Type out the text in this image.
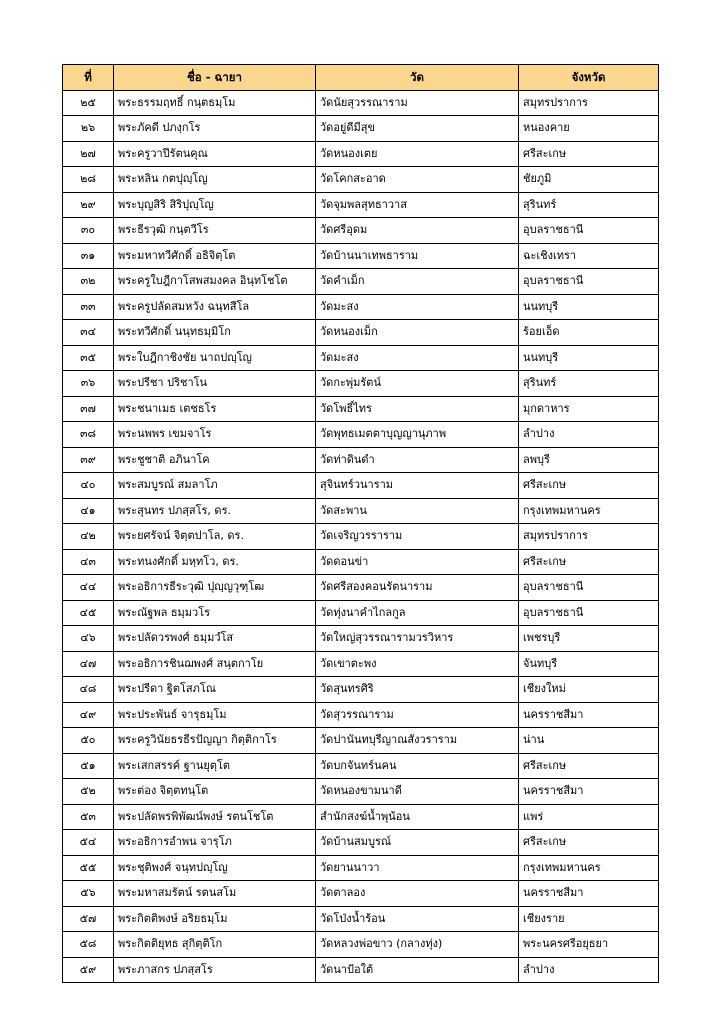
ที่	ชื่อ - ฉายา	วัด	จังหวัด
๒๕	พระธรรมฤทธิ์ กนฺตธมฺโม	วัดนัยสุวรรณาราม	สมุทรปราการ
๒๖	พระภัคดี ปภงฺกโร	วัดอยู่ดีมีสุข	หนองคาย
๒๗	พระครูวาปีรัตนคุณ	วัดหนองเตย	ศรีสะเกษ
๒๘	พระหลิน กตปุญฺโญ	วัดโคกสะอาด	ชัยภูมิ
๒๙	พระบุญสิริ สิริปุญฺโญ	วัดจุมพลสุทธาวาส	สุรินทร์
๓๐	พระธีรวุฒิ กนฺตวีโร	วัดศรีอุดม	อุบลราชธานี
๓๑	พระมหาทวีศักดิ์ อธิจิตฺโต	วัดบ้านนาเทพธาราม	ฉะเชิงเทรา
๓๒	พระครูใบฎีกาโสพสมงคล อินฺทโชโต	วัดคำเม็ก	อุบลราชธานี
๓๓	พระครูปลัดสมหวัง ฉนฺทสีโล	วัดมะสง	นนทบุรี
๓๔	พระทวีศักดิ์ นนฺทธมฺมิโก	วัดหนองเม็ก	ร้อยเอ็ด
๓๕	พระใบฎีกาชิงชัย นาถปญฺโญ	วัดมะสง	นนทบุรี
๓๖	พระปรีชา ปริชาโน	วัดกะพุ่มรัตน์	สุรินทร์
๓๗	พระชนาเมธ เตชธโร	วัดโพธิ์ไทร	มุกดาหาร
๓๘	พระนพพร เขมจาโร	วัดพุทธเมตตาบุญญานุภาพ	ลำปาง
๓๙	พระชูชาติ อภินาโค	วัดท่าดินดำ	ลพบุรี
๔๐	พระสมบูรณ์ สมลาโภ	สุจินทร์วนาราม	ศรีสะเกษ
๔๑	พระสุนทร ปภสฺสโร, ดร.	วัดสะพาน	กรุงเทพมหานคร
๔๒	พระยศรัจน์ จิตฺตปาโล, ดร.	วัดเจริญวรราราม	สมุทรปราการ
๔๓	พระทนงศักดิ์ มหฺทโว, ดร.	วัดดอนข่า	ศรีสะเกษ
๔๔	พระอธิการธีระวุฒิ ปุญฺญวุฑฺโฒ	วัดศรีสองคอนรัตนาราม	อุบลราชธานี
๔๕	พระณัฐพล ธมฺมวโร	วัดทุ่งนาคำไกลกูล	อุบลราชธานี
๔๖	พระปลัดวรพงศ์ ธมฺมวํโส	วัดใหญ่สุวรรณารามวรวิหาร	เพชรบุรี
๔๗	พระอธิการชินฌพงศ์ สนฺตกาโย	วัดเขาตะพง	จันทบุรี
๔๘	พระปรีดา ฐิตโสภโณ	วัดสุนทรศิริ	เชียงใหม่
๔๙	พระประพันธ์ จารุธมฺโม	วัดสุวรรณาราม	นครราชสีมา
๕๐	พระครูวินัยธรธีรปัญญา กิตฺติกาโร	วัดปานันทบุรีญาณสังวราราม	น่าน
๕๑	พระเสกสรรค์ ฐานยุตฺโต	วัดบกจันทร์นคน	ศรีสะเกษ
๕๒	พระต่อง จิตฺตทนฺโต	วัดหนองขามนาดี	นครราชสีมา
๕๓	พระปลัดพรพิพัฒน์พงษ์ รตนโชโต	สำนักสงฆ์น้ำพุน้อน	แพร่
๕๔	พระอธิการอำพน จารุโภ	วัดบ้านสมบูรณ์	ศรีสะเกษ
๕๕	พระชุติพงศ์ จนฺทปญฺโญ	วัดยานนาวา	กรุงเทพมหานคร
๕๖	พระมหาสมรัตน์ รตนสโม	วัดตาลอง	นครราชสีมา
๕๗	พระกิตติพงษ์ อริยธมฺโม	วัดโป่งน้ำร้อน	เชียงราย
๕๘	พระกิตติยุทธ สุกิตฺติโก	วัดหลวงพ่อขาว (กลางทุ่ง)	พระนครศรีอยุธยา
๕๙	พระภาสกร ปภสฺสโร	วัดนาป้อใต้	ลำปาง
